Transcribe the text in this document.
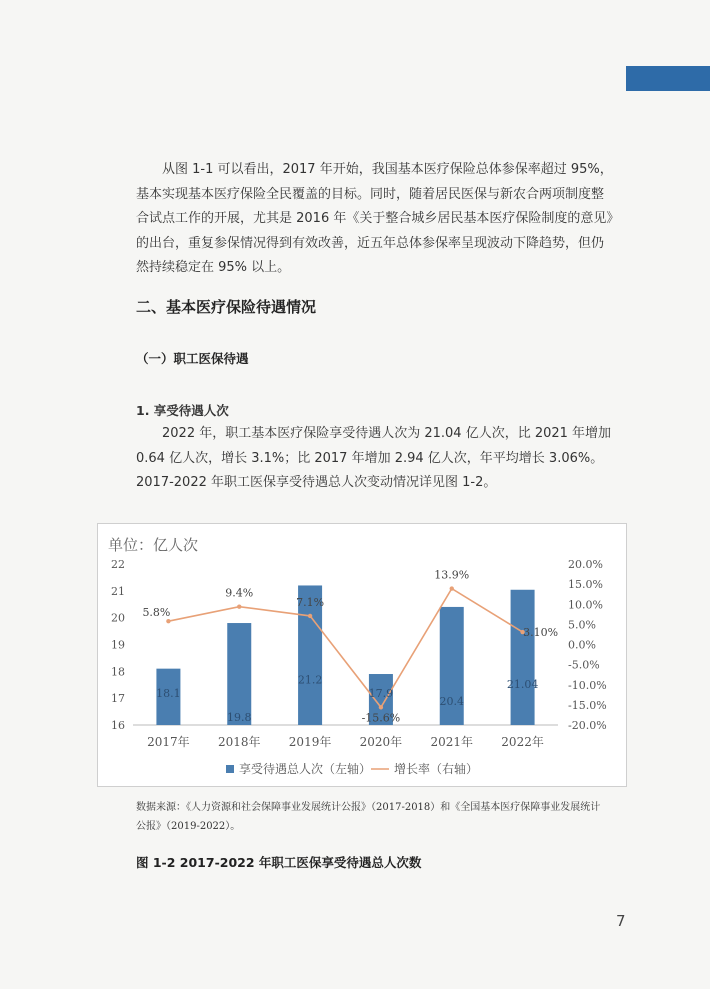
从图 1-1 可以看出，2017 年开始，我国基本医疗保险总体参保率超过 95%，基本实现基本医疗保险全民覆盖的目标。同时，随着居民医保与新农合两项制度整合试点工作的开展，尤其是 2016 年《关于整合城乡居民基本医疗保险制度的意见》的出台，重复参保情况得到有效改善，近五年总体参保率呈现波动下降趋势，但仍然持续稳定在 95% 以上。

二、基本医疗保险待遇情况
（一）职工医保待遇
1. 享受待遇人次

2022 年，职工基本医疗保险享受待遇人次为 21.04 亿人次，比 2021 年增加 0.64 亿人次，增长 3.1%；比 2017 年增加 2.94 亿人次，年平均增长 3.06%。2017-2022 年职工医保享受待遇总人次变动情况详见图 1-2。

单位：亿人次
16
17
18
19
20
21
22
-20.0%
-15.0%
-10.0%
-5.0%
0.0%
5.0%
10.0%
15.0%
20.0%
18.1
19.8
21.2
17.9
20.4
21.04
5.8%
9.4%
7.1%
-15.6%
13.9%
3.10%
2017年 2018年 2019年 2020年 2021年 2022年
享受待遇总人次（左轴） 增长率（右轴）

数据来源：《人力资源和社会保障事业发展统计公报》（2017-2018）和《全国基本医疗保障事业发展统计公报》（2019-2022）。

图 1-2 2017-2022 年职工医保享受待遇总人次数

7
